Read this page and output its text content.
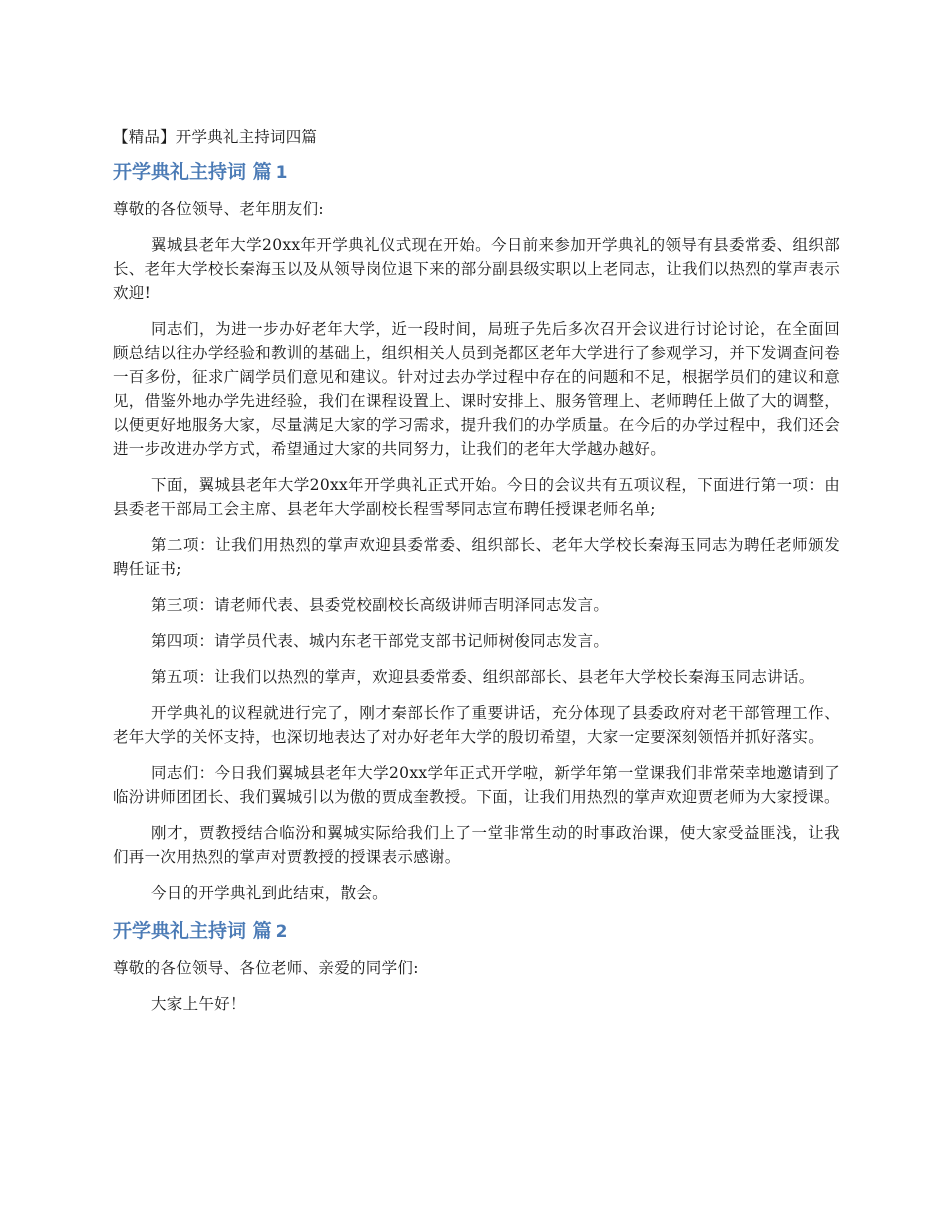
【精品】开学典礼主持词四篇
开学典礼主持词 篇 1

尊敬的各位领导、老年朋友们:

翼城县老年大学20xx年开学典礼仪式现在开始。今日前来参加开学典礼的领导有县委常委、组织部长、老年大学校长秦海玉以及从领导岗位退下来的部分副县级实职以上老同志，让我们以热烈的掌声表示欢迎!

同志们，为进一步办好老年大学，近一段时间，局班子先后多次召开会议进行讨论讨论，在全面回顾总结以往办学经验和教训的基础上，组织相关人员到尧都区老年大学进行了参观学习，并下发调查问卷一百多份，征求广阔学员们意见和建议。针对过去办学过程中存在的问题和不足，根据学员们的建议和意见，借鉴外地办学先进经验，我们在课程设置上、课时安排上、服务管理上、老师聘任上做了大的调整，以便更好地服务大家，尽量满足大家的学习需求，提升我们的办学质量。在今后的办学过程中，我们还会进一步改进办学方式，希望通过大家的共同努力，让我们的老年大学越办越好。

下面，翼城县老年大学20xx年开学典礼正式开始。今日的会议共有五项议程，下面进行第一项：由县委老干部局工会主席、县老年大学副校长程雪琴同志宣布聘任授课老师名单;

第二项：让我们用热烈的掌声欢迎县委常委、组织部长、老年大学校长秦海玉同志为聘任老师颁发聘任证书;

第三项：请老师代表、县委党校副校长高级讲师吉明泽同志发言。

第四项：请学员代表、城内东老干部党支部书记师树俊同志发言。

第五项：让我们以热烈的掌声，欢迎县委常委、组织部部长、县老年大学校长秦海玉同志讲话。

开学典礼的议程就进行完了，刚才秦部长作了重要讲话，充分体现了县委政府对老干部管理工作、老年大学的关怀支持，也深切地表达了对办好老年大学的殷切希望，大家一定要深刻领悟并抓好落实。

同志们：今日我们翼城县老年大学20xx学年正式开学啦，新学年第一堂课我们非常荣幸地邀请到了临汾讲师团团长、我们翼城引以为傲的贾成奎教授。下面，让我们用热烈的掌声欢迎贾老师为大家授课。

刚才，贾教授结合临汾和翼城实际给我们上了一堂非常生动的时事政治课，使大家受益匪浅，让我们再一次用热烈的掌声对贾教授的授课表示感谢。

今日的开学典礼到此结束，散会。

开学典礼主持词 篇 2

尊敬的各位领导、各位老师、亲爱的同学们:

大家上午好！
